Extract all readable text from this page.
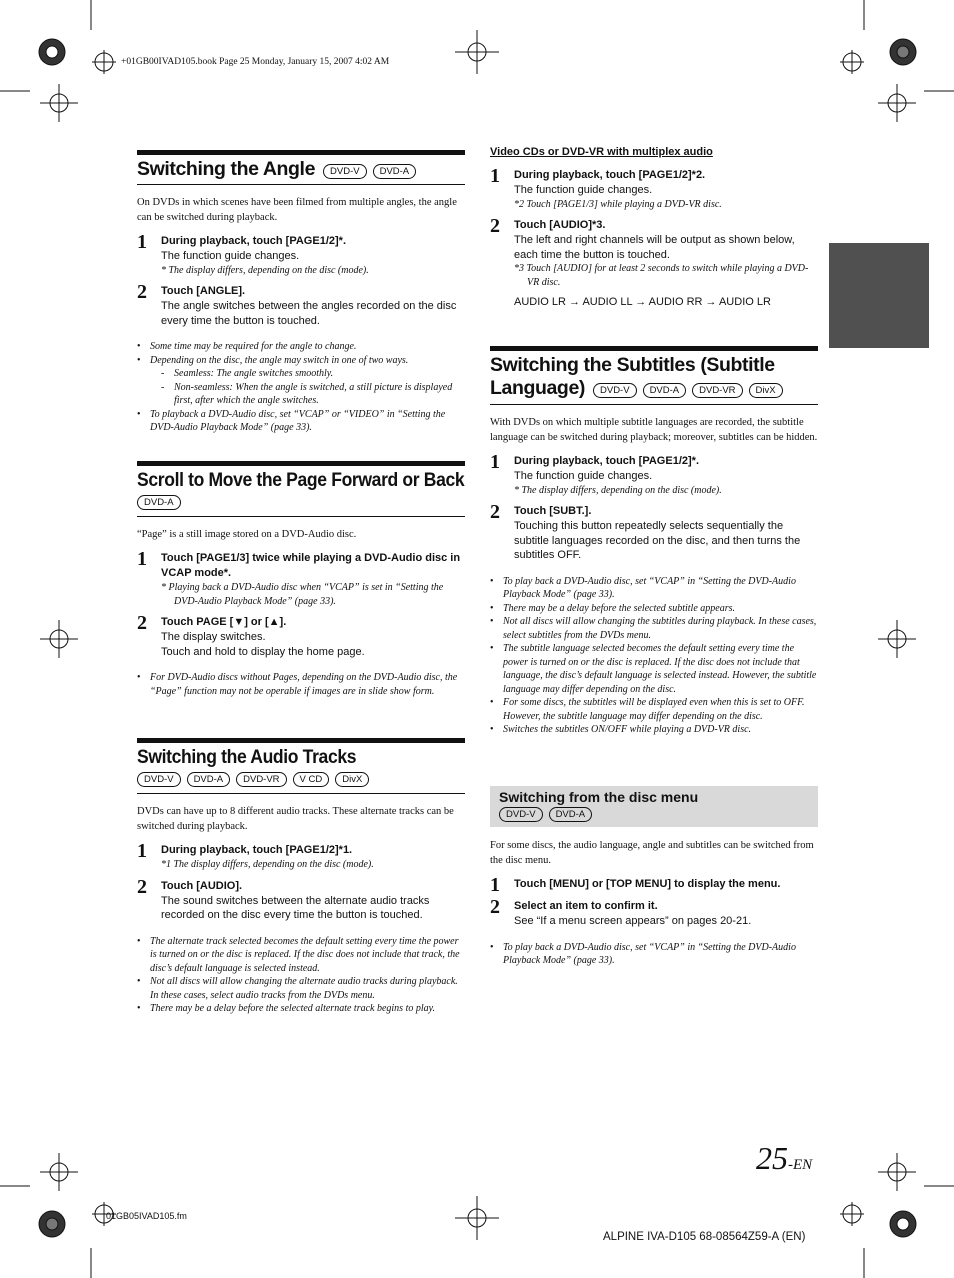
+01GB00IVAD105.book Page 25 Monday, January 15, 2007 4:02 AM
Switching the Angle	DVD-V	DVD-A

On DVDs in which scenes have been filmed from multiple angles, the angle can be switched during playback.

1 During playback, touch [PAGE1/2]*.
The function guide changes.
* The display differs, depending on the disc (mode).
2 Touch [ANGLE].
The angle switches between the angles recorded on the disc every time the button is touched.
• Some time may be required for the angle to change.
• Depending on the disc, the angle may switch in one of two ways.
- Seamless: The angle switches smoothly.
- Non-seamless: When the angle is switched, a still picture is displayed first, after which the angle switches.
• To playback a DVD-Audio disc, set “VCAP” or “VIDEO” in “Setting the DVD-Audio Playback Mode” (page 33).
Scroll to Move the Page Forward or Back
DVD-A

“Page” is a still image stored on a DVD-Audio disc.

1 Touch [PAGE1/3] twice while playing a DVD-Audio disc in VCAP mode*.
* Playing back a DVD-Audio disc when “VCAP” is set in “Setting the DVD-Audio Playback Mode” (page 33).
2 Touch PAGE [▼] or [▲].
The display switches.
Touch and hold to display the home page.
• For DVD-Audio discs without Pages, depending on the DVD-Audio disc, the “Page” function may not be operable if images are in slide show form.
Switching the Audio Tracks
DVD-V	DVD-A	DVD-VR	V CD	DivX

DVDs can have up to 8 different audio tracks. These alternate tracks can be switched during playback.

1 During playback, touch [PAGE1/2]*1.
*1 The display differs, depending on the disc (mode).
2 Touch [AUDIO].
The sound switches between the alternate audio tracks recorded on the disc every time the button is touched.
• The alternate track selected becomes the default setting every time the power is turned on or the disc is replaced. If the disc does not include that track, the disc’s default language is selected instead.
• Not all discs will allow changing the alternate audio tracks during playback. In these cases, select audio tracks from the DVDs menu.
• There may be a delay before the selected alternate track begins to play.
Video CDs or DVD-VR with multiplex audio
1 During playback, touch [PAGE1/2]*2.
The function guide changes.
*2 Touch [PAGE1/3] while playing a DVD-VR disc.
2 Touch [AUDIO]*3.
The left and right channels will be output as shown below, each time the button is touched.
*3 Touch [AUDIO] for at least 2 seconds to switch while playing a DVD-VR disc.
AUDIO LR → AUDIO LL → AUDIO RR → AUDIO LR
Switching the Subtitles (Subtitle
Language)	DVD-V	DVD-A	DVD-VR	DivX

With DVDs on which multiple subtitle languages are recorded, the subtitle language can be switched during playback; moreover, subtitles can be hidden.

1 During playback, touch [PAGE1/2]*.
The function guide changes.
* The display differs, depending on the disc (mode).
2 Touch [SUBT.].
Touching this button repeatedly selects sequentially the subtitle languages recorded on the disc, and then turns the subtitles OFF.
• To play back a DVD-Audio disc, set “VCAP” in “Setting the DVD-Audio Playback Mode” (page 33).
• There may be a delay before the selected subtitle appears.
• Not all discs will allow changing the subtitles during playback. In these cases, select subtitles from the DVDs menu.
• The subtitle language selected becomes the default setting every time the power is turned on or the disc is replaced. If the disc does not include that language, the disc’s default language is selected instead. However, the subtitle language may differ depending on the disc.
• For some discs, the subtitles will be displayed even when this is set to OFF. However, the subtitle language may differ depending on the disc.
• Switches the subtitles ON/OFF while playing a DVD-VR disc.
Switching from the disc menu
DVD-V	DVD-A

For some discs, the audio language, angle and subtitles can be switched from the disc menu.

1 Touch [MENU] or [TOP MENU] to display the menu.
2 Select an item to confirm it.
See “If a menu screen appears” on pages 20-21.
• To play back a DVD-Audio disc, set “VCAP” in “Setting the DVD-Audio Playback Mode” (page 33).
25-EN
01GB05IVAD105.fm
ALPINE IVA-D105 68-08564Z59-A (EN)
